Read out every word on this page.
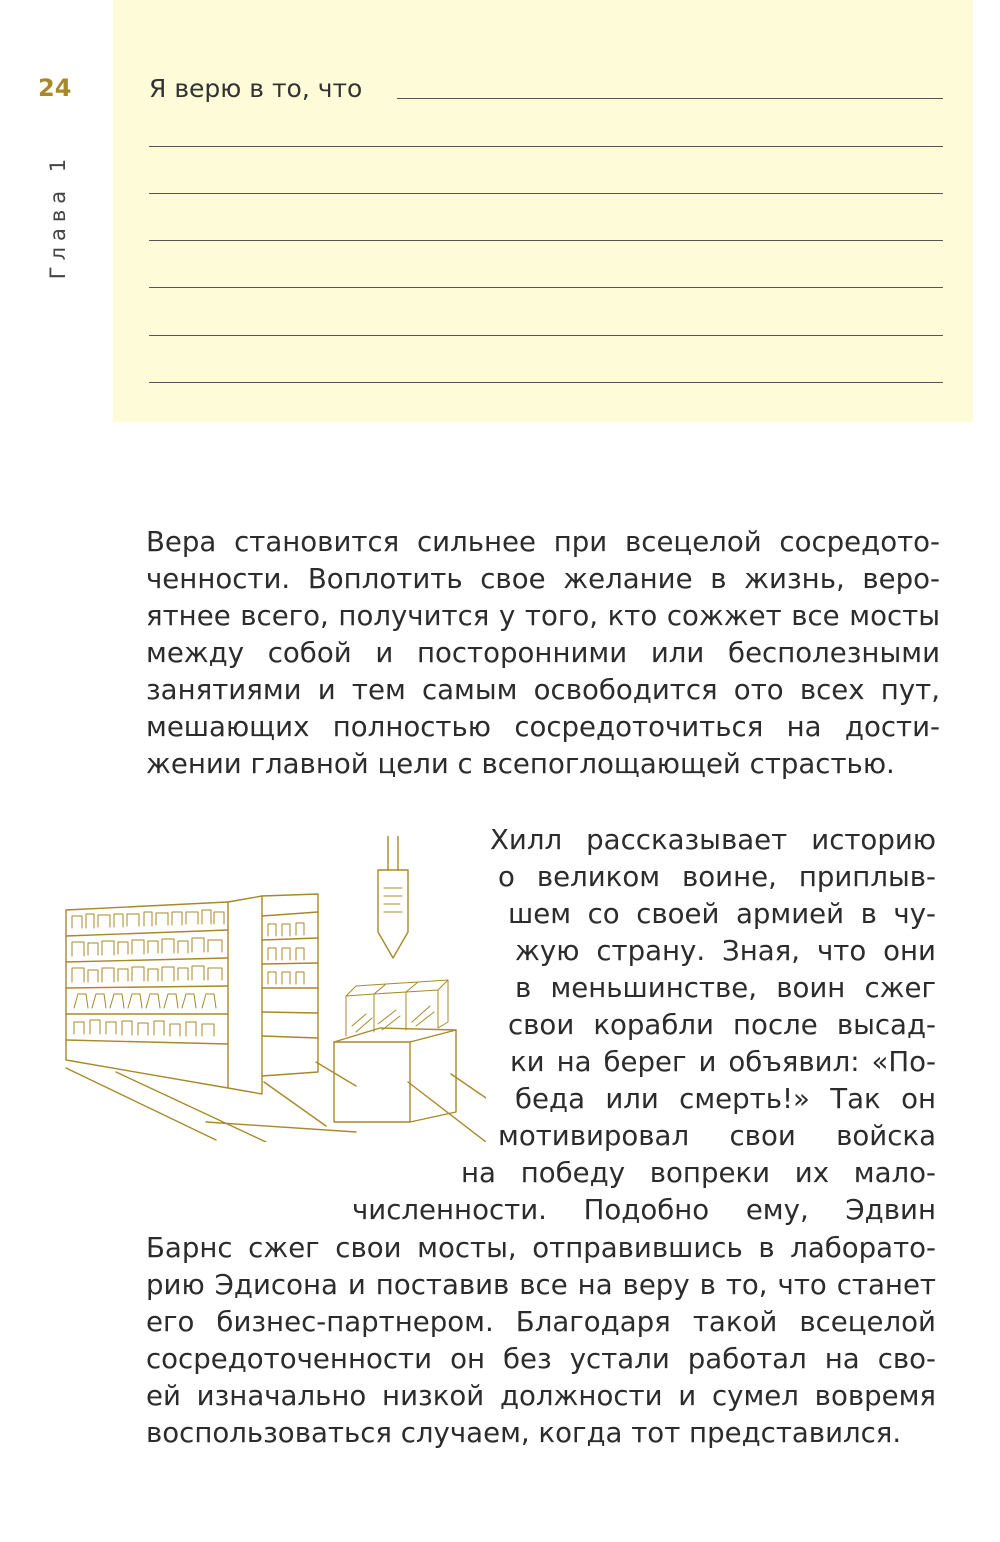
24
Глава 1
Я верю в то, что
Вера становится сильнее при всецелой сосредото-
ченности. Воплотить свое желание в жизнь, веро-
ятнее всего, получится у того, кто сожжет все мосты
между собой и посторонними или бесполезными
занятиями и тем самым освободится ото всех пут,
мешающих полностью сосредоточиться на дости-
жении главной цели с всепоглощающей страстью.
Хилл рассказывает историю
о великом воине, приплыв-
шем со своей армией в чу-
жую страну. Зная, что они
в меньшинстве, воин сжег
свои корабли после высад-
ки на берег и объявил: «По-
беда или смерть!» Так он
мотивировал свои войска
на победу вопреки их мало-
численности. Подобно ему, Эдвин
Барнс сжег свои мосты, отправившись в лаборато-
рию Эдисона и поставив все на веру в то, что станет
его бизнес-партнером. Благодаря такой всецелой
сосредоточенности он без устали работал на сво-
ей изначально низкой должности и сумел вовремя
воспользоваться случаем, когда тот представился.
